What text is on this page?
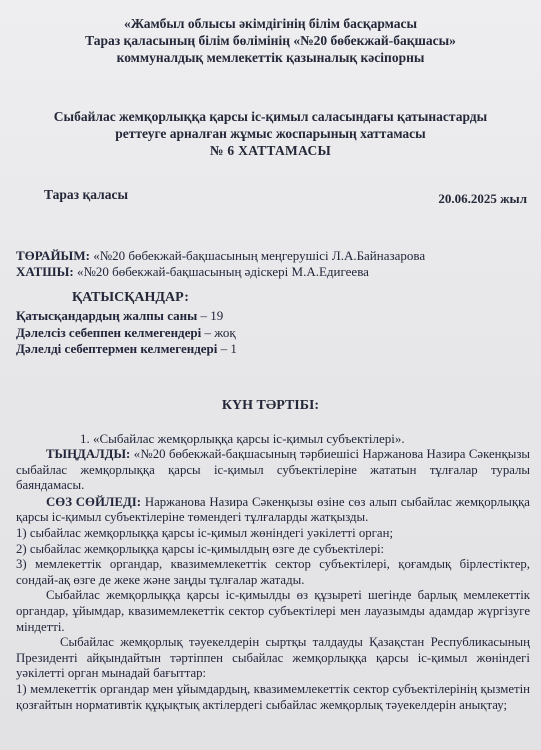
«Жамбыл облысы әкімдігінің білім басқармасы
Тараз қаласының білім бөлімінің «№20 бөбекжай-бақшасы»
коммуналдық мемлекеттік қазыналық кәсіпорны
Сыбайлас жемқорлыққа қарсы іс-қимыл саласындағы қатынастарды
реттеуге арналған жұмыс жоспарының хаттамасы
№ 6 ХАТТАМАСЫ
Тараз қаласы	20.06.2025 жыл
ТӨРАЙЫМ: «№20 бөбекжай-бақшасының меңгерушісі Л.А.Байназарова
ХАТШЫ: «№20 бөбекжай-бақшасының әдіскері М.А.Едигеева
ҚАТЫСҚАНДАР:
Қатысқандардың жалпы саны – 19
Дәлелсіз себеппен келмегендері – жоқ
Дәлелді себептермен келмегендері – 1
КҮН ТӘРТІБІ:
1. «Сыбайлас жемқорлыққа қарсы іс-қимыл субъектілері».

ТЫҢДАЛДЫ: «№20 бөбекжай-бақшасының тәрбиешісі Наржанова Назира Сәкенқызы сыбайлас жемқорлыққа қарсы іс-қимыл субъектілеріне жататын тұлғалар туралы баяндамасы.

СӨЗ СӨЙЛЕДІ: Наржанова Назира Сәкенқызы өзіне сөз алып сыбайлас жемқорлыққа қарсы іс-қимыл субъектілеріне төмендегі тұлғаларды жатқызды.

1) сыбайлас жемқорлыққа қарсы іс-қимыл жөніндегі уәкілетті орган;

2) сыбайлас жемқорлыққа қарсы іс-қимылдың өзге де субъектілері:

3) мемлекеттік органдар, квазимемлекеттік сектор субъектілері, қоғамдық бірлестіктер, сондай-ақ өзге де жеке және заңды тұлғалар жатады.

Сыбайлас жемқорлыққа қарсы іс-қимылды өз құзыреті шегінде барлық мемлекеттік органдар, ұйымдар, квазимемлекеттік сектор субъектілері мен лауазымды адамдар жүргізуге міндетті.

Сыбайлас жемқорлық тәуекелдерін сыртқы талдауды Қазақстан Республикасының Президенті айқындайтын тәртіппен сыбайлас жемқорлыққа қарсы іс-қимыл жөніндегі уәкілетті орган мынадай бағыттар:

1) мемлекеттік органдар мен ұйымдардың, квазимемлекеттік сектор субъектілерінің қызметін қозғайтын нормативтік құқықтық актілердегі сыбайлас жемқорлық тәуекелдерін анықтау;
